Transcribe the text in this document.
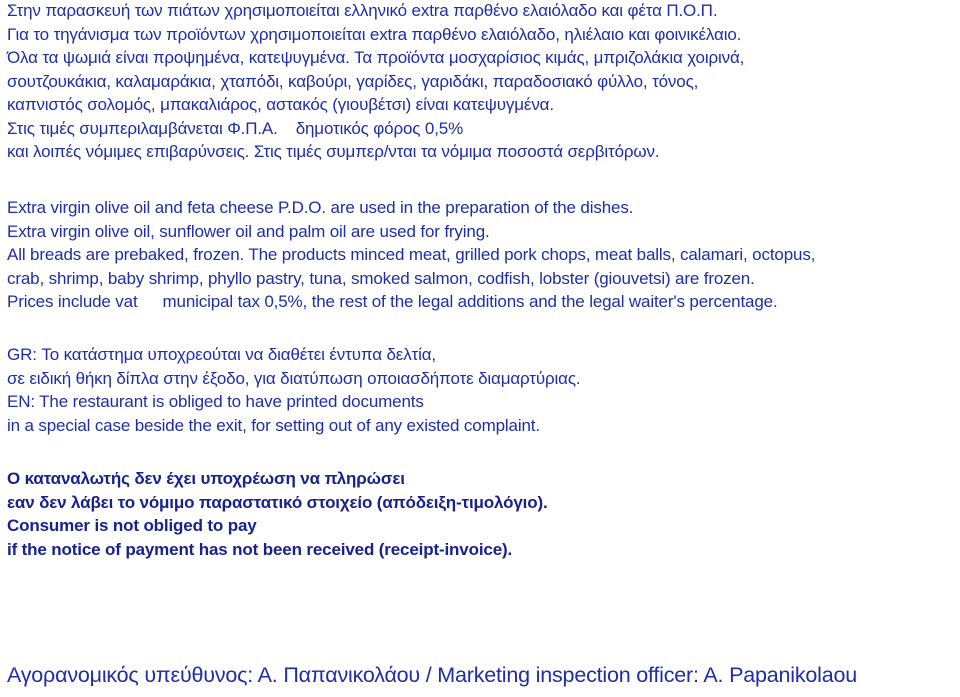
Στην παρασκευή των πιάτων χρησιμοποιείται ελληνικό extra παρθένο ελαιόλαδο και φέτα Π.Ο.Π.
Για το τηγάνισμα των προϊόντων χρησιμοποιείται extra παρθένο ελαιόλαδο, ηλιέλαιο και φοινικέλαιο.
Όλα τα ψωμιά είναι προψημένα, κατεψυγμένα. Τα προϊόντα μοσχαρίσιος κιμάς, μπριζολάκια χοιρινά,
σουτζουκάκια, καλαμαράκια, χταπόδι, καβούρι, γαρίδες, γαριδάκι, παραδοσιακό φύλλο, τόνος,
καπνιστός σολομός, μπακαλιάρος, αστακός (γιουβέτσι) είναι κατεψυγμένα.
Στις τιμές συμπεριλαμβάνεται Φ.Π.Α. δημοτικός φόρος 0,5%
και λοιπές νόμιμες επιβαρύνσεις. Στις τιμές συμπερ/νται τα νόμιμα ποσοστά σερβιτόρων.
Extra virgin olive oil and feta cheese P.D.O. are used in the preparation of the dishes.
Extra virgin olive oil, sunflower oil and palm oil are used for frying.
All breads are prebaked, frozen. The products minced meat, grilled pork chops, meat balls, calamari, octopus,
crab, shrimp, baby shrimp, phyllo pastry, tuna, smoked salmon, codfish, lobster (giouvetsi) are frozen.
Prices include vat municipal tax 0,5%, the rest of the legal additions and the legal waiter's percentage.
GR: Το κατάστημα υποχρεούται να διαθέτει έντυπα δελτία,
σε ειδική θήκη δίπλα στην έξοδο, για διατύπωση οποιασδήποτε διαμαρτύριας.
EN: The restaurant is obliged to have printed documents
in a special case beside the exit, for setting out of any existed complaint.
Ο καταναλωτής δεν έχει υποχρέωση να πληρώσει
εαν δεν λάβει το νόμιμο παραστατικό στοιχείο (απόδειξη-τιμολόγιο).
Consumer is not obliged to pay
if the notice of payment has not been received (receipt-invoice).
Αγορανομικός υπεύθυνος: Α. Παπανικολάου / Marketing inspection officer: A. Papanikolaou
